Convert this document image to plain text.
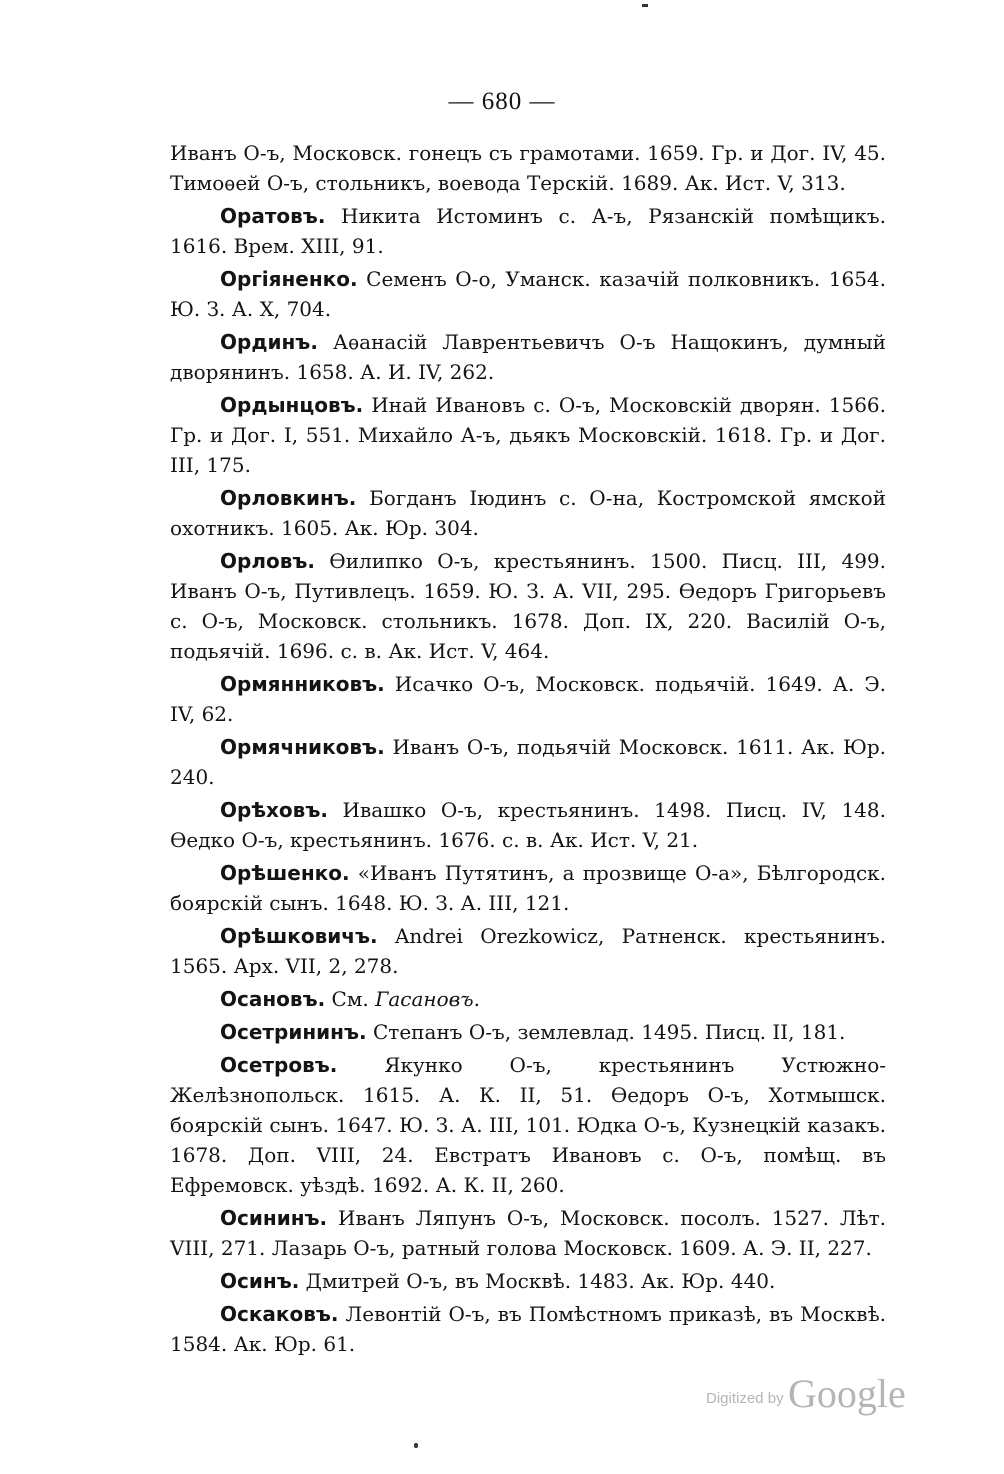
— 680 —

Иванъ О-ъ, Московск. гонецъ съ грамотами. 1659. Гр. и Дог. IV, 45. Тимоѳей О-ъ, стольникъ, воевода Терскій. 1689. Ак. Ист. V, 313.

Оратовъ. Никита Истоминъ с. А-ъ, Рязанскій помѣщикъ. 1616. Врем. XIII, 91.

Оргіяненко. Семенъ О-о, Уманск. казачій полковникъ. 1654. Ю. З. А. X, 704.

Ординъ. Аѳанасій Лаврентьевичъ О-ъ Нащокинъ, думный дворянинъ. 1658. А. И. IV, 262.

Ордынцовъ. Инай Ивановъ с. О-ъ, Московскій дворян. 1566. Гр. и Дог. I, 551. Михайло А-ъ, дьякъ Московскій. 1618. Гр. и Дог. III, 175.

Орловкинъ. Богданъ Іюдинъ с. О-на, Костромской ямской охотникъ. 1605. Ак. Юр. 304.

Орловъ. Ѳилипко О-ъ, крестьянинъ. 1500. Писц. III, 499. Иванъ О-ъ, Путивлецъ. 1659. Ю. З. А. VII, 295. Ѳедоръ Григорьевъ с. О-ъ, Московск. стольникъ. 1678. Доп. IX, 220. Василій О-ъ, подьячій. 1696. с. в. Ак. Ист. V, 464.

Ормянниковъ. Исачко О-ъ, Московск. подьячій. 1649. А. Э. IV, 62.

Ормячниковъ. Иванъ О-ъ, подьячій Московск. 1611. Ак. Юр. 240.

Орѣховъ. Ивашко О-ъ, крестьянинъ. 1498. Писц. IV, 148. Ѳедко О-ъ, крестьянинъ. 1676. с. в. Ак. Ист. V, 21.

Орѣшенко. «Иванъ Путятинъ, а прозвище О-а», Бѣлгородск. боярскій сынъ. 1648. Ю. З. А. III, 121.

Орѣшковичъ. Andrei Orezkowicz, Ратненск. крестьянинъ. 1565. Арх. VII, 2, 278.

Осановъ. См. Гасановъ.

Осетрининъ. Степанъ О-ъ, землевлад. 1495. Писц. II, 181.

Осетровъ. Якунко О-ъ, крестьянинъ Устюжно-Желѣзнопольск. 1615. А. К. II, 51. Ѳедоръ О-ъ, Хотмышск. боярскій сынъ. 1647. Ю. З. А. III, 101. Юдка О-ъ, Кузнецкій казакъ. 1678. Доп. VIII, 24. Евстратъ Ивановъ с. О-ъ, помѣщ. въ Ефремовск. уѣздѣ. 1692. А. К. II, 260.

Осининъ. Иванъ Ляпунъ О-ъ, Московск. посолъ. 1527. Лѣт. VIII, 271. Лазарь О-ъ, ратный голова Московск. 1609. А. Э. II, 227.

Осинъ. Дмитрей О-ъ, въ Москвѣ. 1483. Ак. Юр. 440.

Оскаковъ. Левонтій О-ъ, въ Помѣстномъ приказѣ, въ Москвѣ. 1584. Ак. Юр. 61.

Digitized by Google
